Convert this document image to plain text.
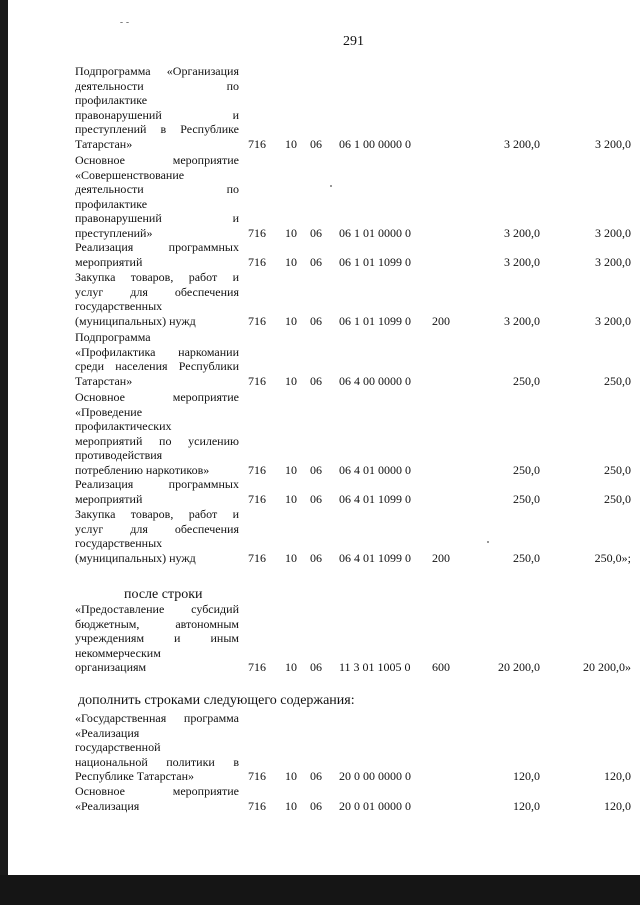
291
Подпрограмма «Организация
деятельности по
профилактике
правонарушений и
преступлений в Республике
Татарстан»	716 10 06 06 1 00 0000 0	3 200,0	3 200,0
Основное мероприятие
«Совершенствование
деятельности по
профилактике
правонарушений и
преступлений»	716 10 06 06 1 01 0000 0	3 200,0	3 200,0
Реализация программных
мероприятий	716 10 06 06 1 01 1099 0	3 200,0	3 200,0
Закупка товаров, работ и
услуг для обеспечения
государственных
(муниципальных) нужд	716 10 06 06 1 01 1099 0 200	3 200,0	3 200,0
Подпрограмма
«Профилактика наркомании
среди населения Республики
Татарстан»	716 10 06 06 4 00 0000 0	250,0	250,0
Основное мероприятие
«Проведение
профилактических
мероприятий по усилению
противодействия
потреблению наркотиков»	716 10 06 06 4 01 0000 0	250,0	250,0
Реализация программных
мероприятий	716 10 06 06 4 01 1099 0	250,0	250,0
Закупка товаров, работ и
услуг для обеспечения
государственных
(муниципальных) нужд	716 10 06 06 4 01 1099 0 200	250,0	250,0»;
«Предоставление субсидий
бюджетным, автономным
учреждениям и иным
некоммерческим
организациям	716 10 06 11 3 01 1005 0 600	20 200,0	20 200,0»
«Государственная программа
«Реализация
государственной
национальной политики в
Республике Татарстан»	716 10 06 20 0 00 0000 0	120,0	120,0
Основное мероприятие
«Реализация	716 10 06 20 0 01 0000 0	120,0	120,0
после строки
дополнить строками следующего содержания:
